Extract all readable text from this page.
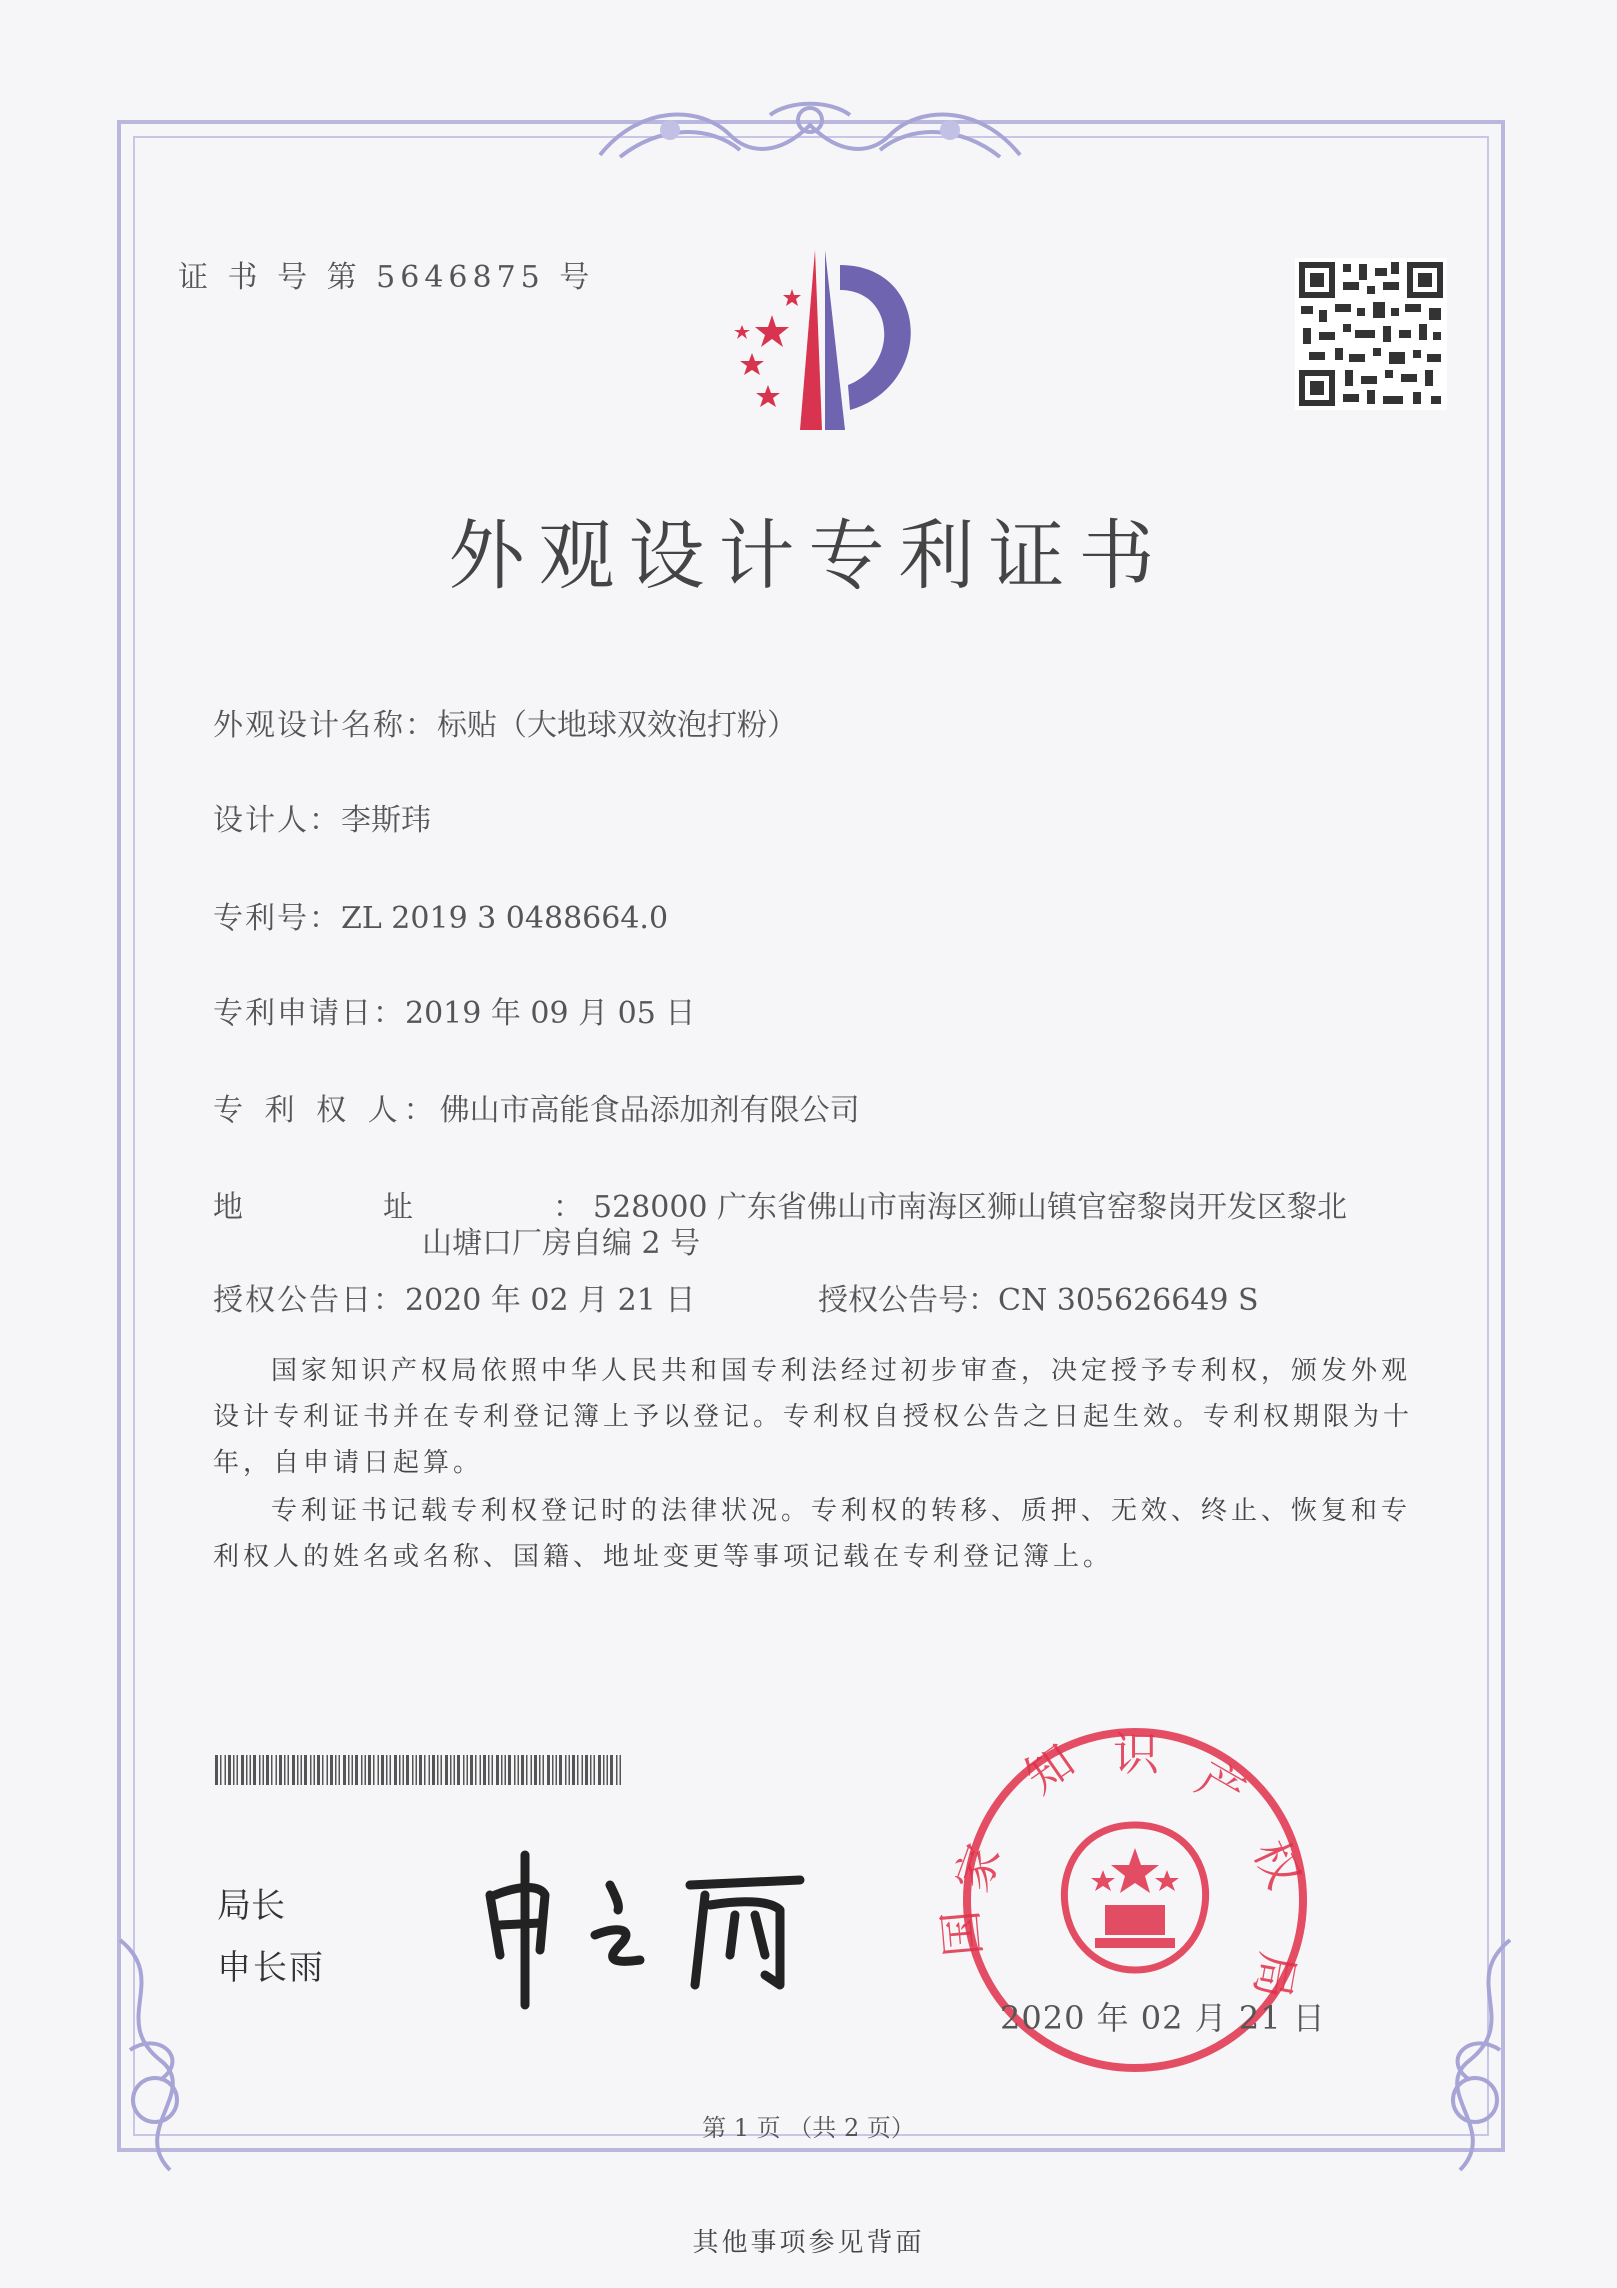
证 书 号 第 5646875 号
外观设计专利证书
外观设计名称：标贴（大地球双效泡打粉）
设计人：李斯玮
专利号：ZL 2019 3 0488664.0
专利申请日：2019 年 09 月 05 日
专 利 权 人：佛山市高能食品添加剂有限公司
地址：528000 广东省佛山市南海区狮山镇官窑黎岗开发区黎北
山塘口厂房自编 2 号
授权公告日：2020 年 02 月 21 日	授权公告号：CN 305626649 S
国家知识产权局依照中华人民共和国专利法经过初步审查，决定授予专利权，颁发外观设计专利证书并在专利登记簿上予以登记。专利权自授权公告之日起生效。专利权期限为十年，自申请日起算。
专利证书记载专利权登记时的法律状况。专利权的转移、质押、无效、终止、恢复和专利权人的姓名或名称、国籍、地址变更等事项记载在专利登记簿上。
局长
申长雨
家
知 识 产
权
局
国
2020 年 02 月 21 日
第 1 页 （共 2 页）
其他事项参见背面
